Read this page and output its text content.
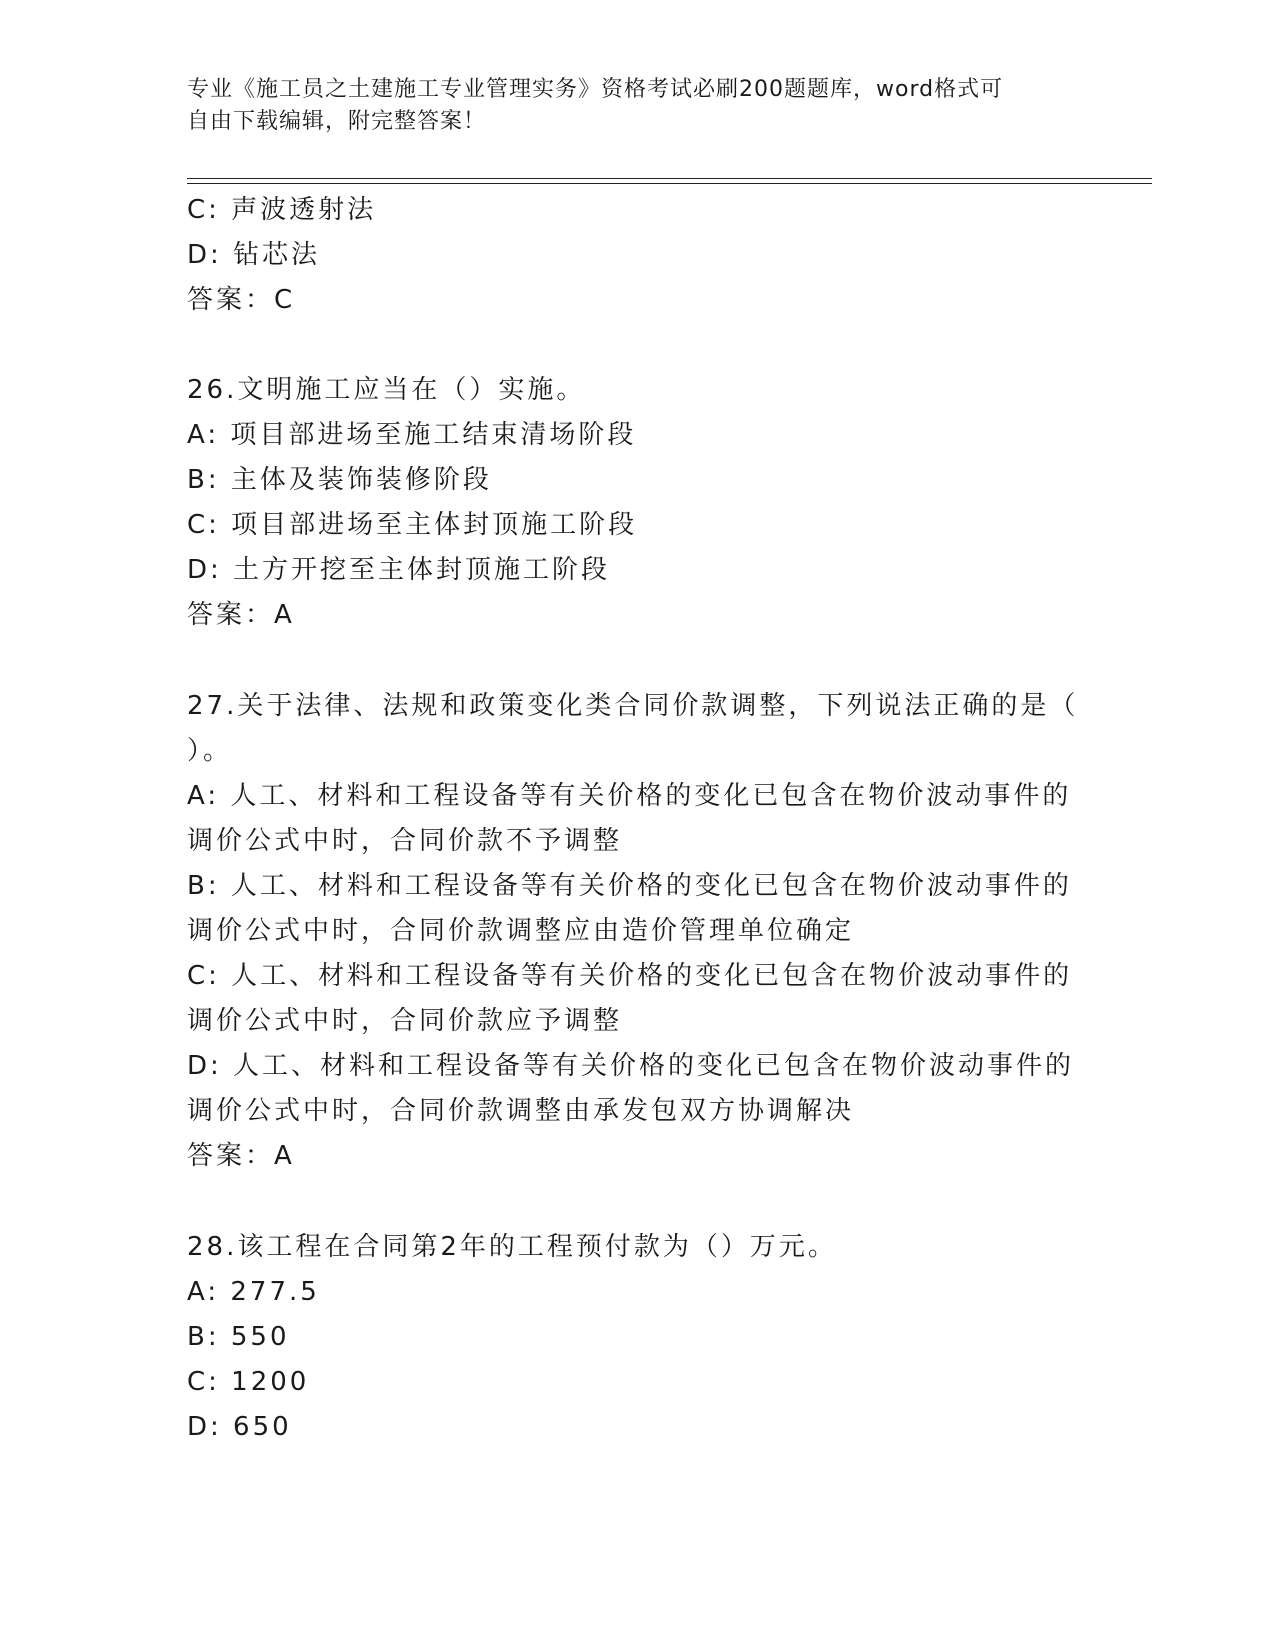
专业《施工员之土建施工专业管理实务》资格考试必刷200题题库，word格式可
自由下载编辑，附完整答案！
C: 声波透射法
D: 钻芯法
答案：C
26.文明施工应当在（）实施。
A: 项目部进场至施工结束清场阶段
B: 主体及装饰装修阶段
C: 项目部进场至主体封顶施工阶段
D: 土方开挖至主体封顶施工阶段
答案：A
27.关于法律、法规和政策变化类合同价款调整，下列说法正确的是（
）。
A: 人工、材料和工程设备等有关价格的变化已包含在物价波动事件的
调价公式中时，合同价款不予调整
B: 人工、材料和工程设备等有关价格的变化已包含在物价波动事件的
调价公式中时，合同价款调整应由造价管理单位确定
C: 人工、材料和工程设备等有关价格的变化已包含在物价波动事件的
调价公式中时，合同价款应予调整
D: 人工、材料和工程设备等有关价格的变化已包含在物价波动事件的
调价公式中时，合同价款调整由承发包双方协调解决
答案：A
28.该工程在合同第2年的工程预付款为（）万元。
A: 277.5
B: 550
C: 1200
D: 650
